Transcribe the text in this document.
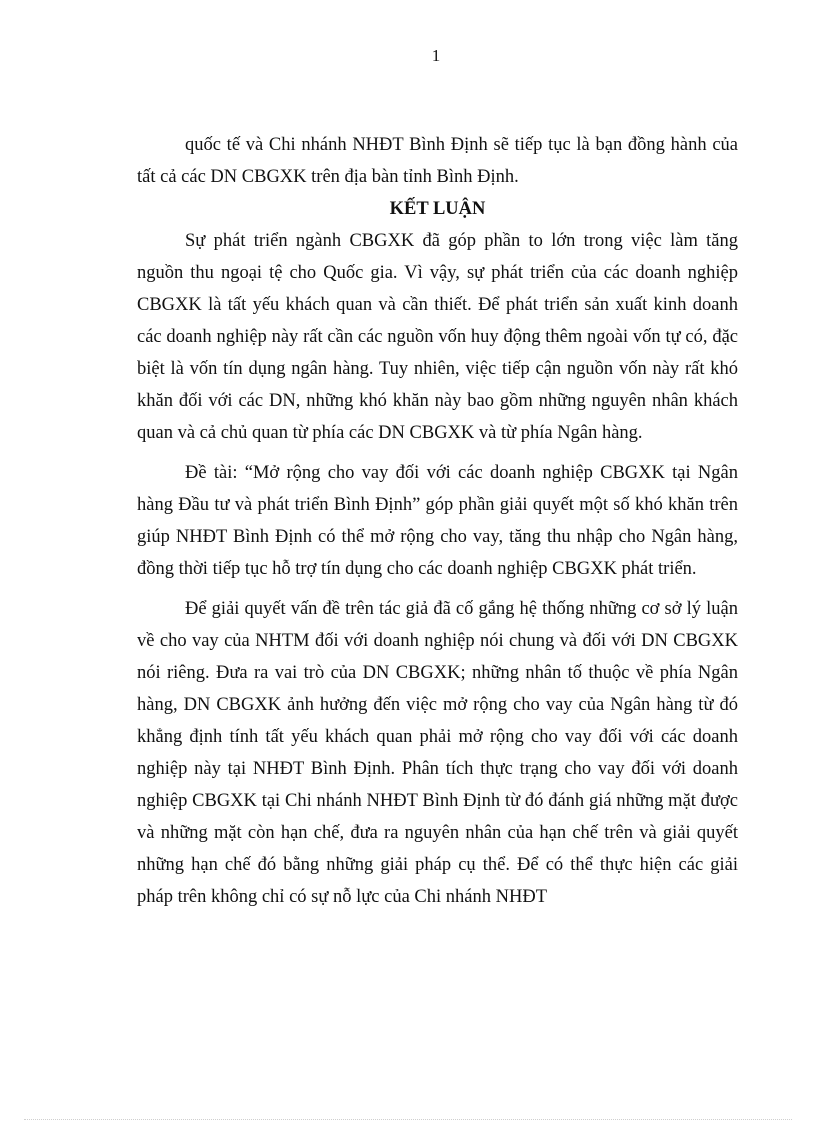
1

quốc tế và Chi nhánh NHĐT Bình Định sẽ tiếp tục là bạn đồng hành của tất cả các DN CBGXK trên địa bàn tỉnh Bình Định.

KẾT LUẬN

Sự phát triển ngành CBGXK đã góp phần to lớn trong việc làm tăng nguồn thu ngoại tệ cho Quốc gia. Vì vậy, sự phát triển của các doanh nghiệp CBGXK là tất yếu khách quan và cần thiết. Để phát triển sản xuất kinh doanh các doanh nghiệp này rất cần các nguồn vốn huy động thêm ngoài vốn tự có, đặc biệt là vốn tín dụng ngân hàng. Tuy nhiên, việc tiếp cận nguồn vốn này rất khó khăn đối với các DN, những khó khăn này bao gồm những nguyên nhân khách quan và cả chủ quan từ phía các DN CBGXK và từ phía Ngân hàng.

Đề tài: “Mở rộng cho vay đối với các doanh nghiệp CBGXK tại Ngân hàng Đầu tư và phát triển Bình Định” góp phần giải quyết một số khó khăn trên giúp NHĐT Bình Định có thể mở rộng cho vay, tăng thu nhập cho Ngân hàng, đồng thời tiếp tục hỗ trợ tín dụng cho các doanh nghiệp CBGXK phát triển.

Để giải quyết vấn đề trên tác giả đã cố gắng hệ thống những cơ sở lý luận về cho vay của NHTM đối với doanh nghiệp nói chung và đối với DN CBGXK nói riêng. Đưa ra vai trò của DN CBGXK; những nhân tố thuộc về phía Ngân hàng, DN CBGXK ảnh hưởng đến việc mở rộng cho vay của Ngân hàng từ đó khẳng định tính tất yếu khách quan phải mở rộng cho vay đối với các doanh nghiệp này tại NHĐT Bình Định. Phân tích thực trạng cho vay đối với doanh nghiệp CBGXK tại Chi nhánh NHĐT Bình Định từ đó đánh giá những mặt được và những mặt còn hạn chế, đưa ra nguyên nhân của hạn chế trên và giải quyết những hạn chế đó bằng những giải pháp cụ thể. Để có thể thực hiện các giải pháp trên không chỉ có sự nỗ lực của Chi nhánh NHĐT
